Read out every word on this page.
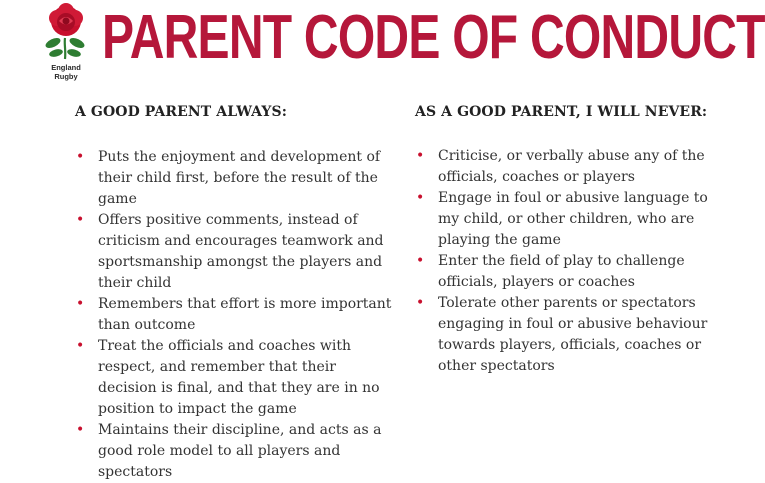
England
Rugby
PARENT CODE OF CONDUCT
A GOOD PARENT ALWAYS:
• Puts the enjoyment and development of their child first, before the result of the game
• Offers positive comments, instead of criticism and encourages teamwork and sportsmanship amongst the players and their child
• Remembers that effort is more important than outcome
• Treat the officials and coaches with respect, and remember that their decision is final, and that they are in no position to impact the game
• Maintains their discipline, and acts as a good role model to all players and spectators
AS A GOOD PARENT, I WILL NEVER:
• Criticise, or verbally abuse any of the officials, coaches or players
• Engage in foul or abusive language to my child, or other children, who are playing the game
• Enter the field of play to challenge officials, players or coaches
• Tolerate other parents or spectators engaging in foul or abusive behaviour towards players, officials, coaches or other spectators
